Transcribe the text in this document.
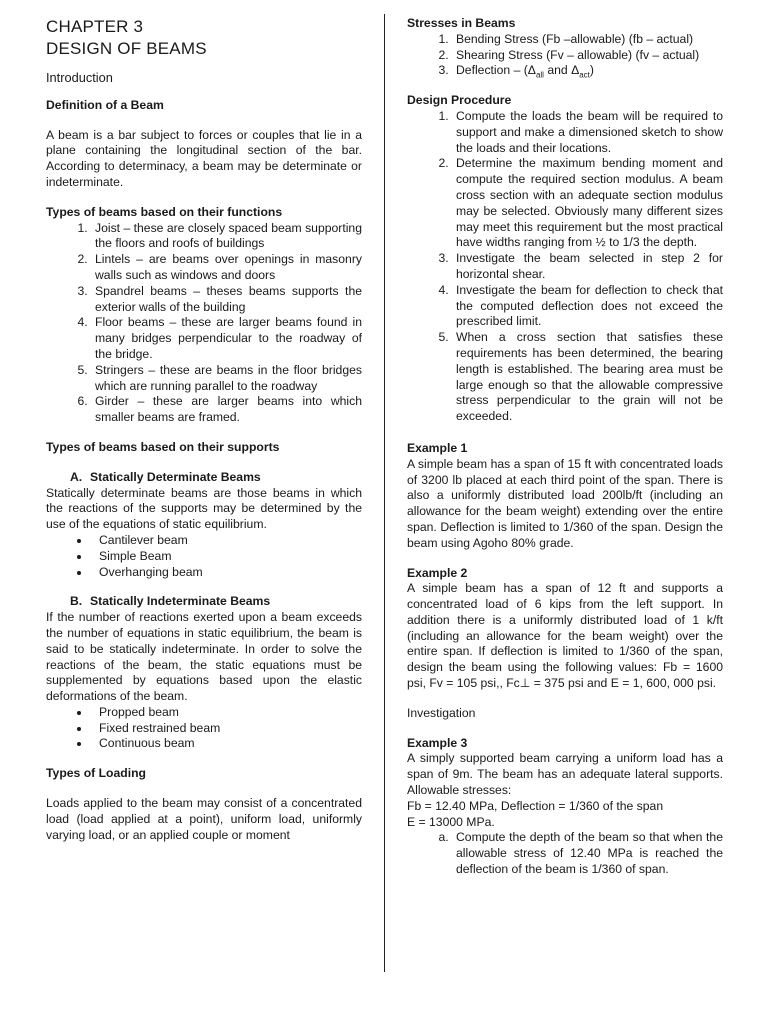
CHAPTER 3
DESIGN OF BEAMS
Introduction
Definition of a Beam

A beam is a bar subject to forces or couples that lie in a plane containing the longitudinal section of the bar. According to determinacy, a beam may be determinate or indeterminate.

Types of beams based on their functions
1. Joist – these are closely spaced beam supporting the floors and roofs of buildings
2. Lintels – are beams over openings in masonry walls such as windows and doors
3. Spandrel beams – theses beams supports the exterior walls of the building
4. Floor beams – these are larger beams found in many bridges perpendicular to the roadway of the bridge.
5. Stringers – these are beams in the floor bridges which are running parallel to the roadway
6. Girder – these are larger beams into which smaller beams are framed.
Types of beams based on their supports
A. Statically Determinate Beams

Statically determinate beams are those beams in which the reactions of the supports may be determined by the use of the equations of static equilibrium.

• Cantilever beam
• Simple Beam
• Overhanging beam
B. Statically Indeterminate Beams

If the number of reactions exerted upon a beam exceeds the number of equations in static equilibrium, the beam is said to be statically indeterminate. In order to solve the reactions of the beam, the static equations must be supplemented by equations based upon the elastic deformations of the beam.

• Propped beam
• Fixed restrained beam
• Continuous beam
Types of Loading

Loads applied to the beam may consist of a concentrated load (load applied at a point), uniform load, uniformly varying load, or an applied couple or moment

Stresses in Beams
1. Bending Stress (Fb –allowable) (fb – actual)
2. Shearing Stress (Fv – allowable) (fv – actual)
3. Deflection – ($\Delta_{all}$ and $\Delta_{act}$)
Design Procedure
1. Compute the loads the beam will be required to support and make a dimensioned sketch to show the loads and their locations.
2. Determine the maximum bending moment and compute the required section modulus. A beam cross section with an adequate section modulus may be selected. Obviously many different sizes may meet this requirement but the most practical have widths ranging from ½ to 1/3 the depth.
3. Investigate the beam selected in step 2 for horizontal shear.
4. Investigate the beam for deflection to check that the computed deflection does not exceed the prescribed limit.
5. When a cross section that satisfies these requirements has been determined, the bearing length is established. The bearing area must be large enough so that the allowable compressive stress perpendicular to the grain will not be exceeded.
Example 1

A simple beam has a span of 15 ft with concentrated loads of 3200 lb placed at each third point of the span. There is also a uniformly distributed load 200lb/ft (including an allowance for the beam weight) extending over the entire span. Deflection is limited to 1/360 of the span. Design the beam using Agoho 80% grade.

Example 2

A simple beam has a span of 12 ft and supports a concentrated load of 6 kips from the left support. In addition there is a uniformly distributed load of 1 k/ft (including an allowance for the beam weight) over the entire span. If deflection is limited to 1/360 of the span, design the beam using the following values: Fb = 1600 psi, Fv = 105 psi,, Fc⊥ = 375 psi and E = 1, 600, 000 psi.

Investigation
Example 3

A simply supported beam carrying a uniform load has a span of 9m. The beam has an adequate lateral supports. Allowable stresses:

Fb = 12.40 MPa, Deflection = 1/360 of the span
E = 13000 MPa.
a. Compute the depth of the beam so that when the allowable stress of 12.40 MPa is reached the deflection of the beam is 1/360 of span.
